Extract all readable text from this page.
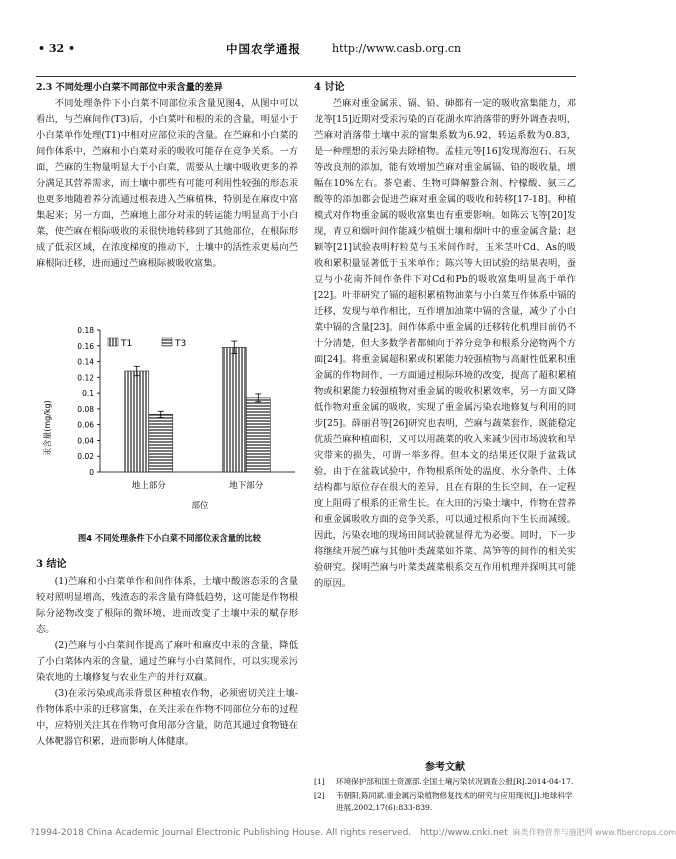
• 32 •	中国农学通报	http://www.casb.org.cn
2.3 不同处理小白菜不同部位中汞含量的差异

不同处理条件下小白菜不同部位汞含量见图4，从图中可以看出，与苎麻间作(T3)后，小白菜叶和根的汞的含量，明显小于小白菜单作处理(T1)中相对应部位汞的含量。在苎麻和小白菜的间作体系中，苎麻和小白菜对汞的吸收可能存在竞争关系。一方面，苎麻的生物量明显大于小白菜，需要从土壤中吸收更多的养分满足其营养需求，而土壤中那些有可能可利用性较强的形态汞也更多地随着养分流通过根表进入苎麻植株，特别是在麻皮中富集起来；另一方面，苎麻地上部分对汞的转运能力明显高于小白菜，使苎麻在根际吸收的汞很快地转移到了其他部位，在根际形成了低汞区域，在浓度梯度的推动下，土壤中的活性汞更易向苎麻根际迁移，进而通过苎麻根际被吸收富集。

汞含量(mg/kg)
0
0.02
0.04
0.06
0.08
0.1
0.12
0.14
0.16
0.18
T1	T3
地上部分	地下部分
部位
图4 不同处理条件下小白菜不同部位汞含量的比较
3 结论

(1)苎麻和小白菜单作和间作体系，土壤中酸溶态汞的含量较对照明显增高，残渣态的汞含量有降低趋势，这可能是作物根际分泌物改变了根际的微环境，进而改变了土壤中汞的赋存形态。

(2)苎麻与小白菜间作提高了麻叶和麻皮中汞的含量，降低了小白菜体内汞的含量，通过苎麻与小白菜间作，可以实现汞污染农地的土壤修复与农业生产的并行双赢。

(3)在汞污染或高汞背景区种植农作物，必须密切关注土壤-作物体系中汞的迁移富集，在关注汞在作物不同部位分布的过程中，应特别关注其在作物可食用部分含量，防范其通过食物链在人体靶器官积累，进而影响人体健康。

4 讨论

苎麻对重金属汞、镉、铅、砷都有一定的吸收富集能力，邓龙等[15]近期对受汞污染的百花湖水库消落带的野外调查表明，苎麻对消落带土壤中汞的富集系数为6.92，转运系数为0.83，是一种理想的汞污染去除植物。孟桂元等[16]发现海泡石、石灰等改良剂的添加，能有效增加苎麻对重金属镉、铅的吸收量，增幅在10%左右。茶皂素、生物可降解螯合剂、柠檬酸、氨三乙酸等的添加都会促进苎麻对重金属的吸收和转移[17-18]。种植模式对作物重金属的吸收富集也有重要影响。如陈云飞等[20]发现，青豆和烟叶间作能减少植烟土壤和烟叶中的重金属含量；赵颖等[21]试验表明籽粒苋与玉米间作时，玉米茎叶Cd、As的吸收和累积量显著低于玉米单作；陈兴等大田试验的结果表明，蚕豆与小花南芥间作条件下对Cd和Pb的吸收富集明显高于单作[22]。叶菲研究了镉的超积累植物油菜与小白菜互作体系中镉的迁移，发现与单作相比，互作增加油菜中镉的含量，减少了小白菜中镉的含量[23]。间作体系中重金属的迁移转化机理目前仍不十分清楚，但大多数学者都倾向于养分竞争和根系分泌物两个方面[24]。将重金属超积累或积累能力较强植物与高耐性低累积重金属的作物间作，一方面通过根际环境的改变，提高了超积累植物或积累能力较强植物对重金属的吸收积累效率，另一方面又降低作物对重金属的吸收，实现了重金属污染农地修复与利用的同步[25]。薛丽君等[26]研究也表明，苎麻与蔬菜套作，既能稳定优质苎麻种植面积，又可以用蔬菜的收入来减少因市场波软和旱灾带来的损失，可谓一举多得。但本文的结果还仅限于盆栽试验，由于在盆栽试验中，作物根系所处的温度、水分条件、土体结构都与原位存在很大的差异，且在有限的生长空间，在一定程度上阻碍了根系的正常生长。在大田的污染土壤中，作物在营养和重金属吸收方面的竞争关系，可以通过根系向下生长而减缓。因此，污染农地的现场田间试验就显得尤为必要。同时，下一步将继续开展苎麻与其他叶类蔬菜如芥菜、莴笋等的间作的相关实验研究。探明苎麻与叶菜类蔬菜根系交互作用机理并探明其可能的原因。

参考文献
[1]	环境保护部和国土资源部.全国土壤污染状况调查公报[R].2014-04-17.
[2]	韦朝阳,陈同斌.重金属污染植物修复技术的研究与应用现状[J].地球科学进展,2002,17(6):833-839.
?1994-2018 China Academic Journal Electronic Publishing House. All rights reserved. http://www.cnki.net 麻类作物营养与施肥网 www.fibercrops.com
